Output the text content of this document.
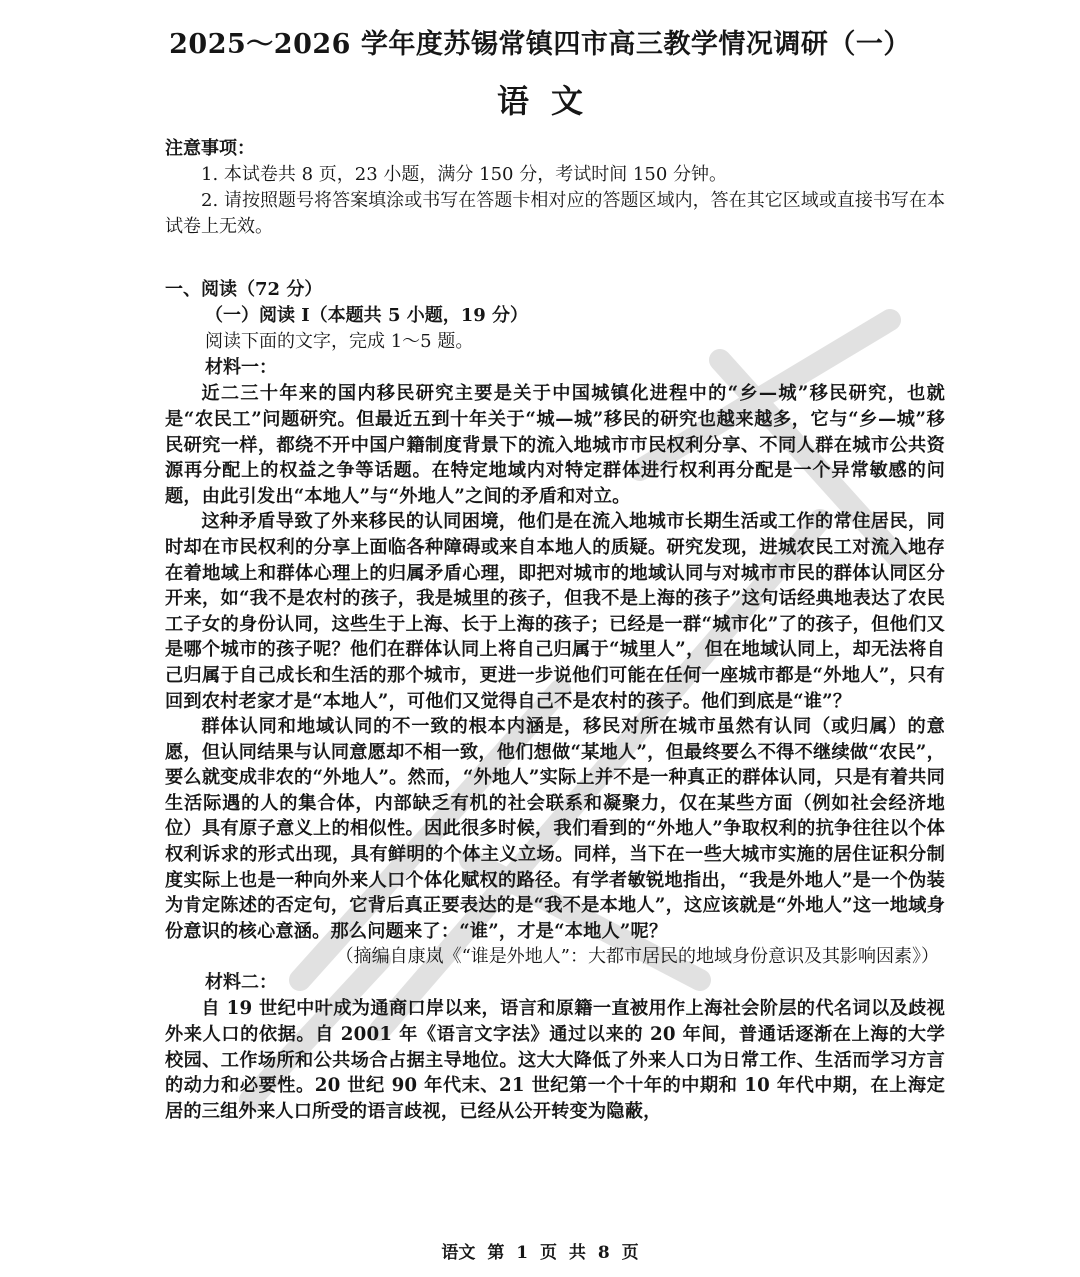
2025～2026 学年度苏锡常镇四市高三教学情况调研（一）
语文
注意事项：

1. 本试卷共 8 页，23 小题，满分 150 分，考试时间 150 分钟。

2. 请按照题号将答案填涂或书写在答题卡相对应的答题区域内，答在其它区域或直接书写在本试卷上无效。

一、阅读（72 分）
（一）阅读 I（本题共 5 小题，19 分）
阅读下面的文字，完成 1～5 题。
材料一：

近二三十年来的国内移民研究主要是关于中国城镇化进程中的“乡—城”移民研究，也就是“农民工”问题研究。但最近五到十年关于“城—城”移民的研究也越来越多，它与“乡—城”移民研究一样，都绕不开中国户籍制度背景下的流入地城市市民权利分享、不同人群在城市公共资源再分配上的权益之争等话题。在特定地域内对特定群体进行权利再分配是一个异常敏感的问题，由此引发出“本地人”与“外地人”之间的矛盾和对立。

这种矛盾导致了外来移民的认同困境，他们是在流入地城市长期生活或工作的常住居民，同时却在市民权利的分享上面临各种障碍或来自本地人的质疑。研究发现，进城农民工对流入地存在着地域上和群体心理上的归属矛盾心理，即把对城市的地域认同与对城市市民的群体认同区分开来，如“我不是农村的孩子，我是城里的孩子，但我不是上海的孩子”这句话经典地表达了农民工子女的身份认同，这些生于上海、长于上海的孩子；已经是一群“城市化”了的孩子，但他们又是哪个城市的孩子呢？他们在群体认同上将自己归属于“城里人”，但在地域认同上，却无法将自己归属于自己成长和生活的那个城市，更进一步说他们可能在任何一座城市都是“外地人”，只有回到农村老家才是“本地人”，可他们又觉得自己不是农村的孩子。他们到底是“谁”？

群体认同和地域认同的不一致的根本内涵是，移民对所在城市虽然有认同（或归属）的意愿，但认同结果与认同意愿却不相一致，他们想做“某地人”，但最终要么不得不继续做“农民”，要么就变成非农的“外地人”。然而，“外地人”实际上并不是一种真正的群体认同，只是有着共同生活际遇的人的集合体，内部缺乏有机的社会联系和凝聚力，仅在某些方面（例如社会经济地位）具有原子意义上的相似性。因此很多时候，我们看到的“外地人”争取权利的抗争往往以个体权利诉求的形式出现，具有鲜明的个体主义立场。同样，当下在一些大城市实施的居住证积分制度实际上也是一种向外来人口个体化赋权的路径。有学者敏锐地指出，“我是外地人”是一个伪装为肯定陈述的否定句，它背后真正要表达的是“我不是本地人”，这应该就是“外地人”这一地域身份意识的核心意涵。那么问题来了：“谁”，才是“本地人”呢？

（摘编自康岚《“谁是外地人”：大都市居民的地域身份意识及其影响因素》）
材料二：

自 19 世纪中叶成为通商口岸以来，语言和原籍一直被用作上海社会阶层的代名词以及歧视外来人口的依据。自 2001 年《语言文字法》通过以来的 20 年间，普通话逐渐在上海的大学校园、工作场所和公共场合占据主导地位。这大大降低了外来人口为日常工作、生活而学习方言的动力和必要性。20 世纪 90 年代末、21 世纪第一个十年的中期和 10 年代中期，在上海定居的三组外来人口所受的语言歧视，已经从公开转变为隐蔽，

语文 第 1 页 共 8 页
